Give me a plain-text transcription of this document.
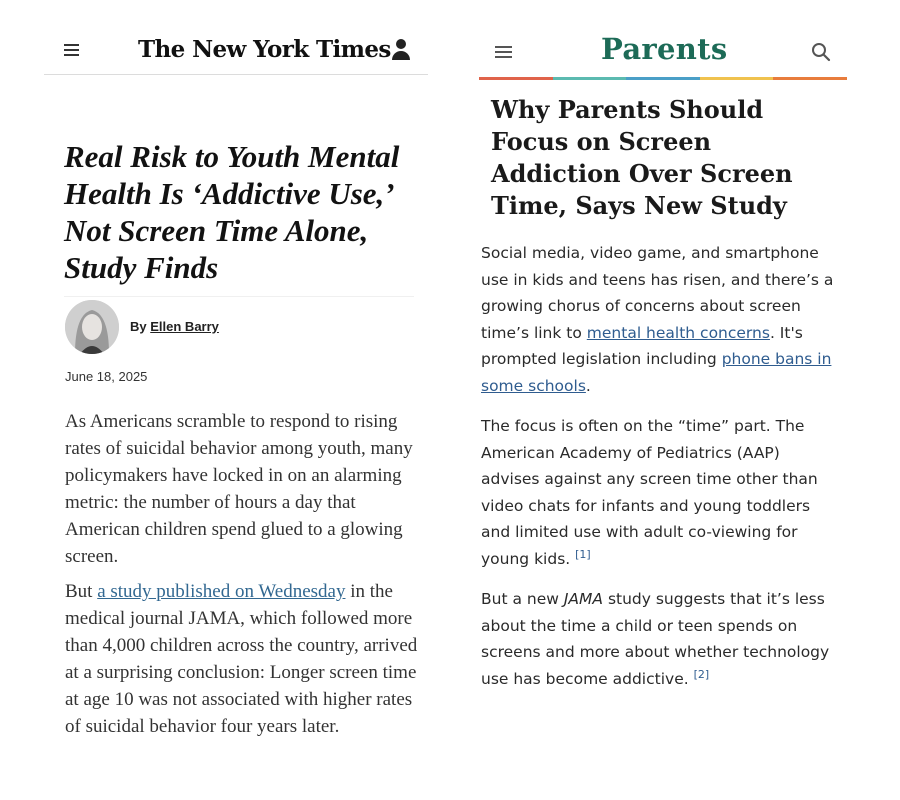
The New York Times
Real Risk to Youth Mental Health Is ‘Addictive Use,’ Not Screen Time Alone, Study Finds
By Ellen Barry
June 18, 2025

As Americans scramble to respond to rising rates of suicidal behavior among youth, many policymakers have locked in on an alarming metric: the number of hours a day that American children spend glued to a glowing screen.

But a study published on Wednesday in the medical journal JAMA, which followed more than 4,000 children across the country, arrived at a surprising conclusion: Longer screen time at age 10 was not associated with higher rates of suicidal behavior four years later.

Parents
Why Parents Should Focus on Screen Addiction Over Screen Time, Says New Study

Social media, video game, and smartphone use in kids and teens has risen, and there’s a growing chorus of concerns about screen time’s link to mental health concerns. It's prompted legislation including phone bans in some schools.

The focus is often on the “time” part. The American Academy of Pediatrics (AAP) advises against any screen time other than video chats for infants and young toddlers and limited use with adult co-viewing for young kids. [1]

But a new JAMA study suggests that it’s less about the time a child or teen spends on screens and more about whether technology use has become addictive. [2]
